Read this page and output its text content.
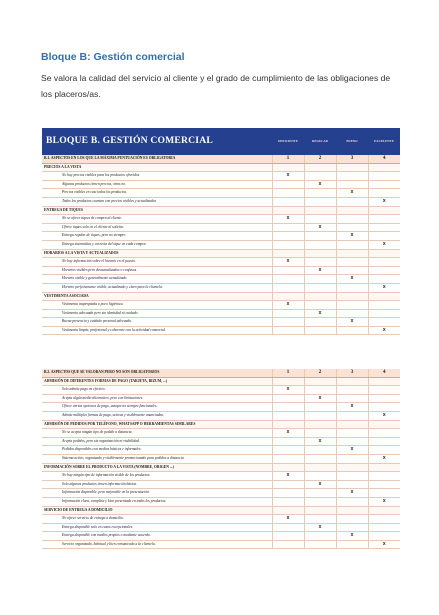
Bloque B: Gestión comercial
Se valora la calidad del servicio al cliente y el grado de cumplimiento de las obligaciones de los placeros/as.
BLOQUE B. GESTIÓN COMERCIAL	DEFICIENTE	REGULAR	BUENO	EXCELENTE
B.1. ASPECTOS EN LOS QUE LA MÁXIMA PUNTUACIÓN ES OBLIGATORIA	1	2	3	4
PRECIOS A LA VISTA				
No hay precios visibles para los productos ofrecidos	x			
Algunos productos tienen precios, otros no.		x		
Precios visibles en casi todos los productos.			x	
Todos los productos cuentan con precios visibles y actualizados				x
ENTREGA DE TIQUES				
No se ofrece tiques de compra al cliente.	x			
Ofrece tiques solo en el cliente al solicita.		x		
Entrega regular de tiques, pero no siempre.			x	
Entrega sistemática y correcta del tique en cada compra.				x
HORARIOS A LA VISTA Y ACTUALIZADOS				
No hay información sobre el horario en el puesto.	x			
Horarios visibles pero desactualizados o confusos.		x		
Horario visible y generalmente actualizado.			x	
Horario perfectamente visible, actualizado y claro para la clientela.				x
VESTIMENTA ASOCIADA				
Vestimenta inapropiada o poco higiénica.	x			
Vestimenta adecuada pero sin identidad ni cuidado.		x		
Buena presencia y cuidado personal adecuado.			x	
Vestimenta limpia, profesional y coherente con la actividad comercial.				x
B.2. ASPECTOS QUE SE VALORAN PERO NO SON OBLIGATORIOS	1	2	3	4
ADMISIÓN DE DIFERENTES FORMAS DE PAGO (TARJETA, BIZUM, ...)				
Solo admite pago en efectivo.	x			
Acepta algún medio alternativo, pero con limitaciones.		x		
Ofrece varias opciones de pago, aunque no siempre funcionales.			x	
Admite múltiples formas de pago, activas y visiblemente anunciadas.				x
ADMISIÓN DE PEDIDOS POR TELÉFONO, WHATSAPP O HERRAMIENTAS SIMILARES				
No se acepta ningún tipo de pedido a distancia.	x			
Acepta pedidos, pero sin organización ni visibilidad.		x		
Pedidos disponibles con medios básicos e informales.			x	
Sistema activo, organizado y visiblemente promocionado para pedidos a distancia.				x
INFORMACIÓN SOBRE EL PRODUCTO A LA VISTA (NOMBRE, ORIGEN ...)				
No hay ningún tipo de información visible de los productos.	x			
Solo algunos productos tienen información básica.		x		
Información disponible, pero mejorable en la presentación.			x	
Información clara, completa y bien presentada en todos los productos.				x
SERVICIO DE ENTREGA A DOMICILIO				
No ofrece servicio de entrega a domicilio.	x			
Entrega disponible solo en casos excepcionales.		x		
Entrega disponible con medios propios o mediante acuerdo.			x	
Servicio organizado, habitual y bien comunicado a la clientela.				x
